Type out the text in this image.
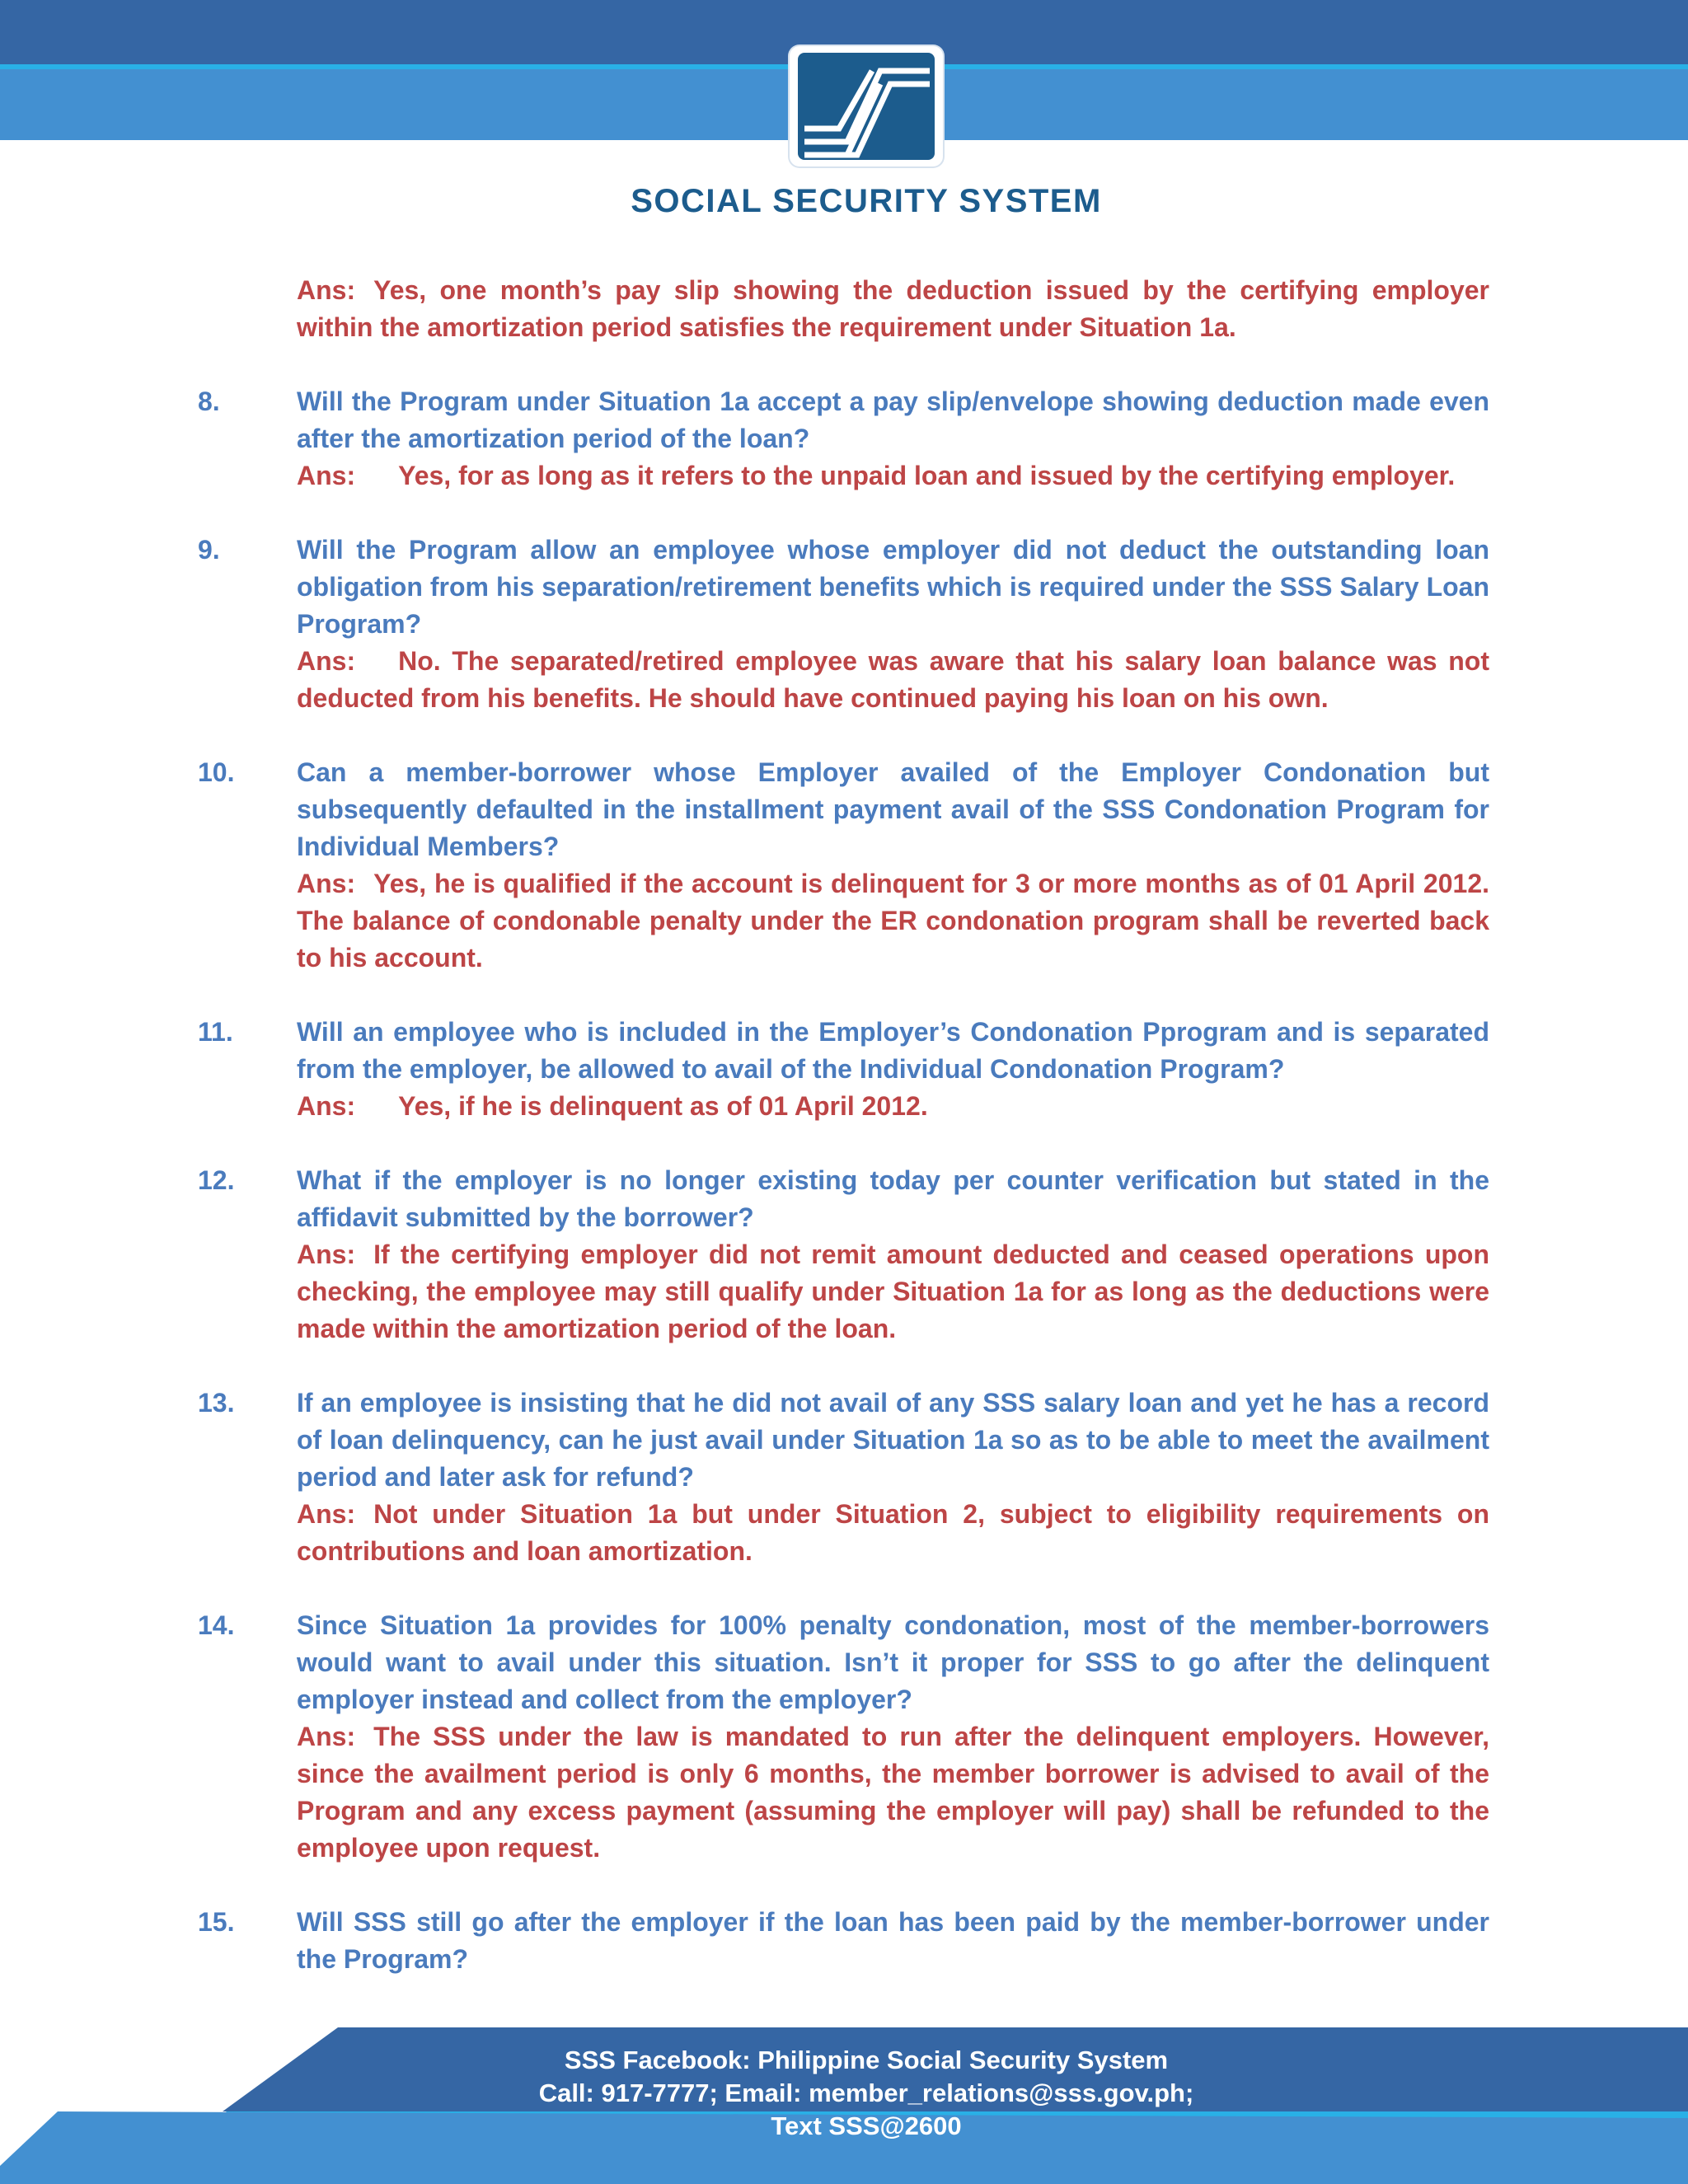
SOCIAL SECURITY SYSTEM

Ans: Yes, one month’s pay slip showing the deduction issued by the certifying employer within the amortization period satisfies the requirement under Situation 1a.

8.	Will the Program under Situation 1a accept a pay slip/envelope showing deduction made even after the amortization period of the loan?

Ans: Yes, for as long as it refers to the unpaid loan and issued by the certifying employer.

9.	Will the Program allow an employee whose employer did not deduct the outstanding loan obligation from his separation/retirement benefits which is required under the SSS Salary Loan Program?

Ans: No. The separated/retired employee was aware that his salary loan balance was not deducted from his benefits. He should have continued paying his loan on his own.

10. Can a member-borrower whose Employer availed of the Employer Condonation but subsequently defaulted in the installment payment avail of the SSS Condonation Program for Individual Members?

Ans: Yes, he is qualified if the account is delinquent for 3 or more months as of 01 April 2012. The balance of condonable penalty under the ER condonation program shall be reverted back to his account.

11. Will an employee who is included in the Employer’s Condonation Pprogram and is separated from the employer, be allowed to avail of the Individual Condonation Program?

Ans: Yes, if he is delinquent as of 01 April 2012.

12. What if the employer is no longer existing today per counter verification but stated in the affidavit submitted by the borrower?

Ans: If the certifying employer did not remit amount deducted and ceased operations upon checking, the employee may still qualify under Situation 1a for as long as the deductions were made within the amortization period of the loan.

13. If an employee is insisting that he did not avail of any SSS salary loan and yet he has a record of loan delinquency, can he just avail under Situation 1a so as to be able to meet the availment period and later ask for refund?

Ans: Not under Situation 1a but under Situation 2, subject to eligibility requirements on contributions and loan amortization.

14. Since Situation 1a provides for 100% penalty condonation, most of the member-borrowers would want to avail under this situation. Isn’t it proper for SSS to go after the delinquent employer instead and collect from the employer?

Ans: The SSS under the law is mandated to run after the delinquent employers. However, since the availment period is only 6 months, the member borrower is advised to avail of the Program and any excess payment (assuming the employer will pay) shall be refunded to the employee upon request.

15. Will SSS still go after the employer if the loan has been paid by the member-borrower under the Program?

SSS Facebook: Philippine Social Security System
Call: 917-7777; Email: member_relations@sss.gov.ph;
Text SSS@2600
